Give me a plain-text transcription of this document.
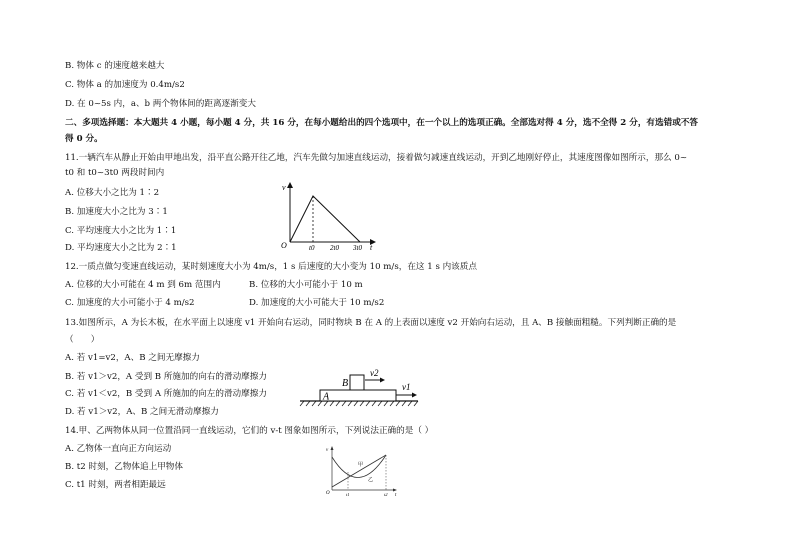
B. 物体 c 的速度越来越大
C. 物体 a 的加速度为 0.4m/s2
D. 在 0~5s 内，a、b 两个物体间的距离逐渐变大
二、多项选择题：本大题共 4 小题，每小题 4 分，共 16 分，在每小题给出的四个选项中，在一个以上的选项正确。全部选对得 4 分，选不全得 2 分，有选错或不答
得 0 分。
11.一辆汽车从静止开始由甲地出发，沿平直公路开往乙地，汽车先做匀加速直线运动，接着做匀减速直线运动，开到乙地刚好停止，其速度图像如图所示，那么 0~
t0 和 t0~3t0 两段时间内
A. 位移大小之比为 1∶2
B. 加速度大小之比为 3∶1
C. 平均速度大小之比为 1∶1
D. 平均速度大小之比为 2∶1
v
O	t0 2t0 3t0 t
12.一质点做匀变速直线运动，某时刻速度大小为 4m/s，1 s 后速度的大小变为 10 m/s，在这 1 s 内该质点
A. 位移的大小可能在 4 m 到 6m 范围内	B. 位移的大小可能小于 10 m
C. 加速度的大小可能小于 4 m/s2	D. 加速度的大小可能大于 10 m/s2
13.如图所示，A 为长木板，在水平面上以速度 v1 开始向右运动，同时物块 B 在 A 的上表面以速度 v2 开始向右运动，且 A、B 接触面粗糙。下列判断正确的是
（　　）
A. 若 v1=v2，A、B 之间无摩擦力
B. 若 v1＞v2，A 受到 B 所施加的向右的滑动摩擦力
C. 若 v1＜v2，B 受到 A 所施加的向左的滑动摩擦力
D. 若 v1＞v2，A、B 之间无滑动摩擦力
A
B
v2
v1
14.甲、乙两物体从同一位置沿同一直线运动，它们的 v-t 图象如图所示，下列说法正确的是（ ）
A. 乙物体一直向正方向运动
B. t2 时刻，乙物体追上甲物体
C. t1 时刻，两者相距最远
v
O	t1	t2 t
甲
乙
